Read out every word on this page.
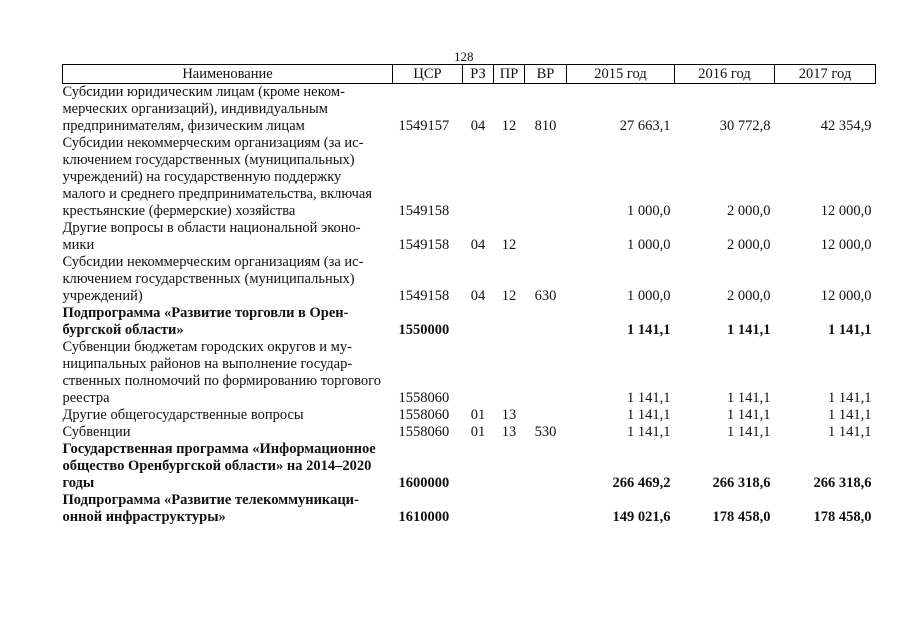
128
Наименование	ЦСР	РЗ	ПР	ВР	2015 год	2016 год	2017 год
Субсидии юридическим лицам (кроме некоммерческих организаций), индивидуальным предпринимателям, физическим лицам	1549157	04	12	810	27 663,1	30 772,8	42 354,9
Субсидии некоммерческим организациям (за исключением государственных (муниципальных) учреждений) на государственную поддержку малого и среднего предпринимательства, включая крестьянские (фермерские) хозяйства	1549158				1 000,0	2 000,0	12 000,0
Другие вопросы в области национальной экономики	1549158	04	12		1 000,0	2 000,0	12 000,0
Субсидии некоммерческим организациям (за исключением государственных (муниципальных) учреждений)	1549158	04	12	630	1 000,0	2 000,0	12 000,0
Подпрограмма «Развитие торговли в Оренбургской области»	1550000				1 141,1	1 141,1	1 141,1
Субвенции бюджетам городских округов и муниципальных районов на выполнение государственных полномочий по формированию торгового реестра	1558060				1 141,1	1 141,1	1 141,1
Другие общегосударственные вопросы	1558060	01	13		1 141,1	1 141,1	1 141,1
Субвенции	1558060	01	13	530	1 141,1	1 141,1	1 141,1
Государственная программа «Информационное общество Оренбургской области» на 2014–2020 годы	1600000				266 469,2	266 318,6	266 318,6
Подпрограмма «Развитие телекоммуникационной инфраструктуры»	1610000				149 021,6	178 458,0	178 458,0
